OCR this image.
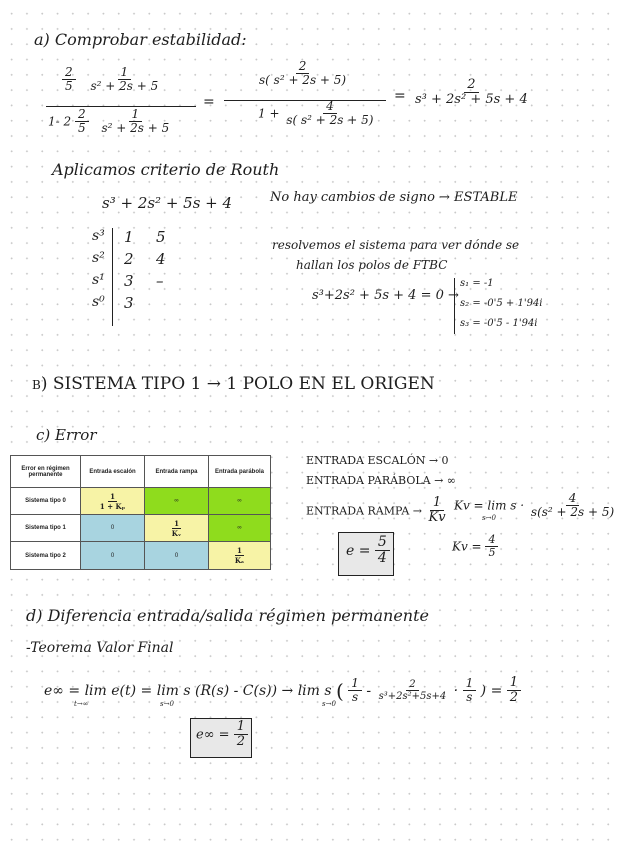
a) Comprobar estabilidad:
$\frac{2}{5}$
$\frac{1}{\text{s² + 2s + 5}}$
1- $2 \frac{2}{5}$
$\frac{1}{\text{s² + 2s + 5}}$
=
$\frac{2}{\text{s( s² + 2s + 5)}}$
$1 + \frac{4}{\text{s( s² + 2s + 5)}}$
= $\frac{2}{\text{s³ + 2s² + 5s + 4}}$
Aplicamos criterio de Routh
s³ + 2s² + 5s + 4	No hay cambios de signo → ESTABLE
s³ 1 5
s² 2 4
s¹ 3 –
s⁰ 3
resolvemos el sistema para ver dónde se
hallan los polos de FTBC
s³+2s² + 5s + 4 = 0 →
s₁ = -1
s₂ = -0'5 + 1'94i
s₃ = -0'5 - 1'94i
b) SISTEMA TIPO 1 → 1 POLO EN EL ORIGEN
c) Error
Error en régimen permanente	Entrada escalón	Entrada rampa	Entrada parábola
Sistema tipo 0	$\frac{1}{\text{1 + Kₚ}}$	∞	∞
Sistema tipo 1	0	$\frac{1}{\text{Kᵥ}}$	∞
Sistema tipo 2	0	0	$\frac{1}{\text{Kₐ}}$
ENTRADA ESCALÓN → 0
ENTRADA PARÁBOLA → ∞
ENTRADA RAMPA → $\frac{1}{Kv}$ $Kv = \lim s \cdot \frac{4}{\text{s(s² + 2s + 5)}}$
s→0
$Kv = \frac{4}{5}$
$e = \frac{5}{4}$
d) Diferencia entrada/salida régimen permanente
-Teorema Valor Final
e∞ = lim e(t) = lim s (R(s) - C(s)) → lim s ( $\frac{1}{s} - \frac{2}{\text{s³+2s²+5s+4}} \cdot \frac{1}{s}$ ) = $\frac{1}{2}$
t→∞	s→0	s→0
$e\infty = \frac{1}{2}$
